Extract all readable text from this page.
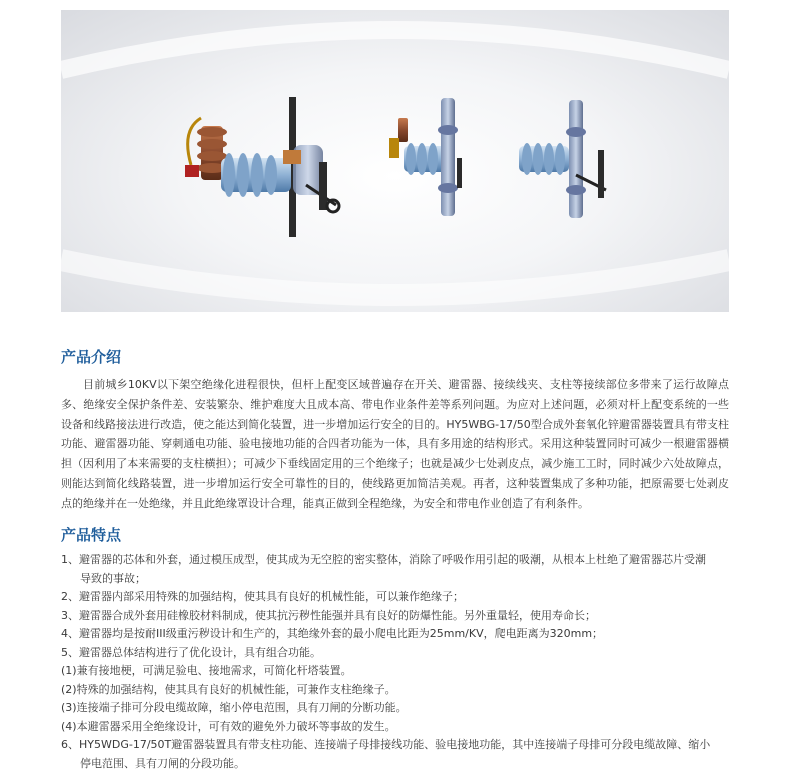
产品介绍

目前城乡10KV以下架空绝缘化进程很快，但杆上配变区域普遍存在开关、避雷器、接续线夹、支柱等接续部位多带来了运行故障点多、绝缘安全保护条件差、安装繁杂、维护难度大且成本高、带电作业条件差等系列问题。为应对上述问题，必须对杆上配变系统的一些设备和线路接法进行改造，使之能达到简化装置，进一步增加运行安全的目的。HY5WBG-17/50型合成外套氧化锌避雷器装置具有带支柱功能、避雷器功能、穿刺通电功能、验电接地功能的合四者功能为一体，具有多用途的结构形式。采用这种装置同时可减少一根避雷器横担（因利用了本来需要的支柱横担）；可减少下垂线固定用的三个绝缘子；也就是减少七处剥皮点，减少施工工时，同时减少六处故障点，则能达到简化线路装置，进一步增加运行安全可靠性的目的，使线路更加简洁美观。再者，这种装置集成了多种功能，把原需要七处剥皮点的绝缘并在一处绝缘，并且此绝缘罩设计合理，能真正做到全程绝缘，为安全和带电作业创造了有利条件。

产品特点
1、避雷器的芯体和外套，通过模压成型，使其成为无空腔的密实整体，消除了呼吸作用引起的吸潮，从根本上杜绝了避雷器芯片受潮
导致的事故；
2、避雷器内部采用特殊的加强结构，使其具有良好的机械性能，可以兼作绝缘子；
3、避雷器合成外套用硅橡胶材料制成，使其抗污秽性能强并具有良好的防爆性能。另外重量轻，使用寿命长；
4、避雷器均是按耐III级重污秽设计和生产的，其绝缘外套的最小爬电比距为25mm/KV，爬电距离为320mm；
5、避雷器总体结构进行了优化设计，具有组合功能。
(1)兼有接地梗，可满足验电、接地需求，可简化杆塔装置。
(2)特殊的加强结构，使其具有良好的机械性能，可兼作支柱绝缘子。
(3)连接端子排可分段电缆故障，缩小停电范围，具有刀闸的分断功能。
(4)本避雷器采用全绝缘设计，可有效的避免外力破坏等事故的发生。
6、HY5WDG-17/50T避雷器装置具有带支柱功能、连接端子母排接线功能、验电接地功能，其中连接端子母排可分段电缆故障、缩小
停电范围、具有刀闸的分段功能。
